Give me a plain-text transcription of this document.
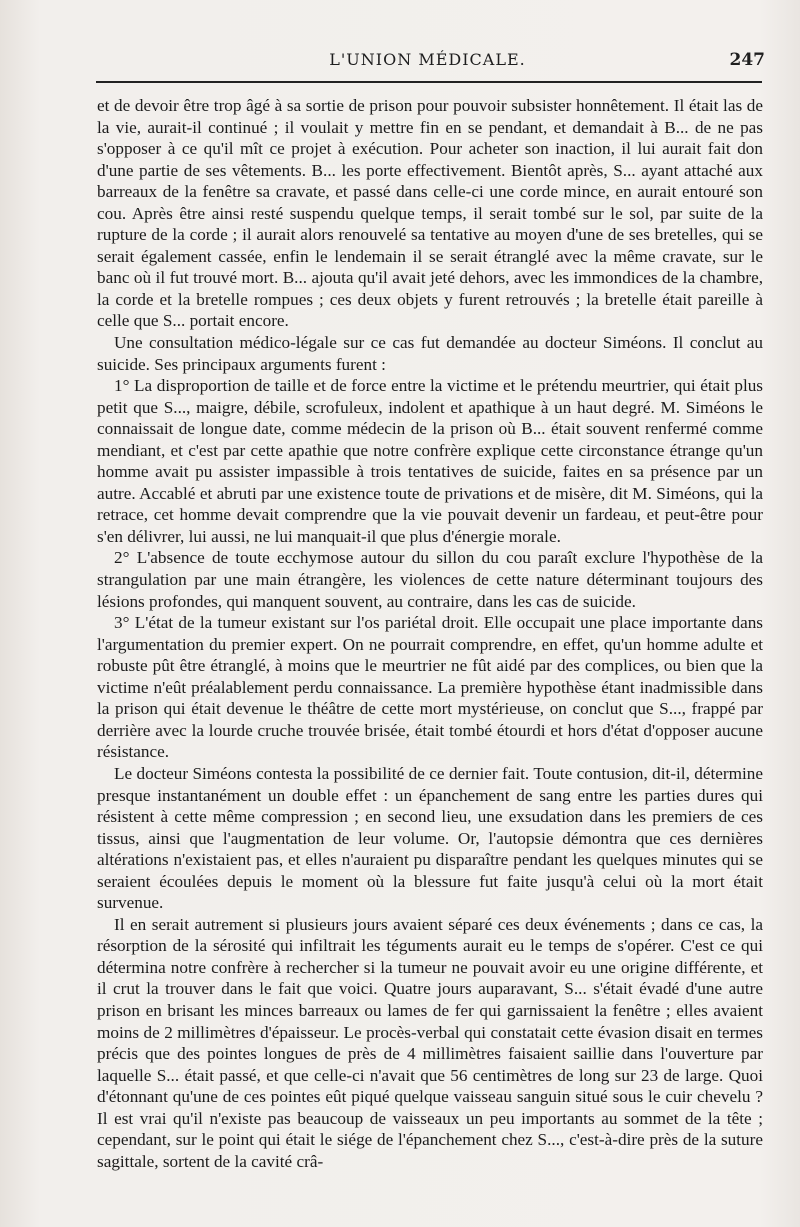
L'UNION MÉDICALE.	247

et de devoir être trop âgé à sa sortie de prison pour pouvoir subsister honnêtement. Il était las de la vie, aurait-il continué ; il voulait y mettre fin en se pendant, et demandait à B... de ne pas s'opposer à ce qu'il mît ce projet à exécution. Pour acheter son inaction, il lui aurait fait don d'une partie de ses vêtements. B... les porte effectivement. Bientôt après, S... ayant attaché aux barreaux de la fenêtre sa cravate, et passé dans celle-ci une corde mince, en aurait entouré son cou. Après être ainsi resté suspendu quelque temps, il serait tombé sur le sol, par suite de la rupture de la corde ; il aurait alors renouvelé sa tentative au moyen d'une de ses bretelles, qui se serait également cassée, enfin le lendemain il se serait étranglé avec la même cravate, sur le banc où il fut trouvé mort. B... ajouta qu'il avait jeté dehors, avec les immondices de la chambre, la corde et la bretelle rompues ; ces deux objets y furent retrouvés ; la bretelle était pareille à celle que S... portait encore.

Une consultation médico-légale sur ce cas fut demandée au docteur Siméons. Il conclut au suicide. Ses principaux arguments furent :

1° La disproportion de taille et de force entre la victime et le prétendu meurtrier, qui était plus petit que S..., maigre, débile, scrofuleux, indolent et apathique à un haut degré. M. Siméons le connaissait de longue date, comme médecin de la prison où B... était souvent renfermé comme mendiant, et c'est par cette apathie que notre confrère explique cette circonstance étrange qu'un homme avait pu assister impassible à trois tentatives de suicide, faites en sa présence par un autre. Accablé et abruti par une existence toute de privations et de misère, dit M. Siméons, qui la retrace, cet homme devait comprendre que la vie pouvait devenir un fardeau, et peut-être pour s'en délivrer, lui aussi, ne lui manquait-il que plus d'énergie morale.

2° L'absence de toute ecchymose autour du sillon du cou paraît exclure l'hypothèse de la strangulation par une main étrangère, les violences de cette nature déterminant toujours des lésions profondes, qui manquent souvent, au contraire, dans les cas de suicide.

3° L'état de la tumeur existant sur l'os pariétal droit. Elle occupait une place importante dans l'argumentation du premier expert. On ne pourrait comprendre, en effet, qu'un homme adulte et robuste pût être étranglé, à moins que le meurtrier ne fût aidé par des complices, ou bien que la victime n'eût préalablement perdu connaissance. La première hypothèse étant inadmissible dans la prison qui était devenue le théâtre de cette mort mystérieuse, on conclut que S..., frappé par derrière avec la lourde cruche trouvée brisée, était tombé étourdi et hors d'état d'opposer aucune résistance.

Le docteur Siméons contesta la possibilité de ce dernier fait. Toute contusion, dit-il, détermine presque instantanément un double effet : un épanchement de sang entre les parties dures qui résistent à cette même compression ; en second lieu, une exsudation dans les premiers de ces tissus, ainsi que l'augmentation de leur volume. Or, l'autopsie démontra que ces dernières altérations n'existaient pas, et elles n'auraient pu disparaître pendant les quelques minutes qui se seraient écoulées depuis le moment où la blessure fut faite jusqu'à celui où la mort était survenue.

Il en serait autrement si plusieurs jours avaient séparé ces deux événements ; dans ce cas, la résorption de la sérosité qui infiltrait les téguments aurait eu le temps de s'opérer. C'est ce qui détermina notre confrère à rechercher si la tumeur ne pouvait avoir eu une origine différente, et il crut la trouver dans le fait que voici. Quatre jours auparavant, S... s'était évadé d'une autre prison en brisant les minces barreaux ou lames de fer qui garnissaient la fenêtre ; elles avaient moins de 2 millimètres d'épaisseur. Le procès-verbal qui constatait cette évasion disait en termes précis que des pointes longues de près de 4 millimètres faisaient saillie dans l'ouverture par laquelle S... était passé, et que celle-ci n'avait que 56 centimètres de long sur 23 de large. Quoi d'étonnant qu'une de ces pointes eût piqué quelque vaisseau sanguin situé sous le cuir chevelu ? Il est vrai qu'il n'existe pas beaucoup de vaisseaux un peu importants au sommet de la tête ; cependant, sur le point qui était le siége de l'épanchement chez S..., c'est-à-dire près de la suture sagittale, sortent de la cavité crâ-
